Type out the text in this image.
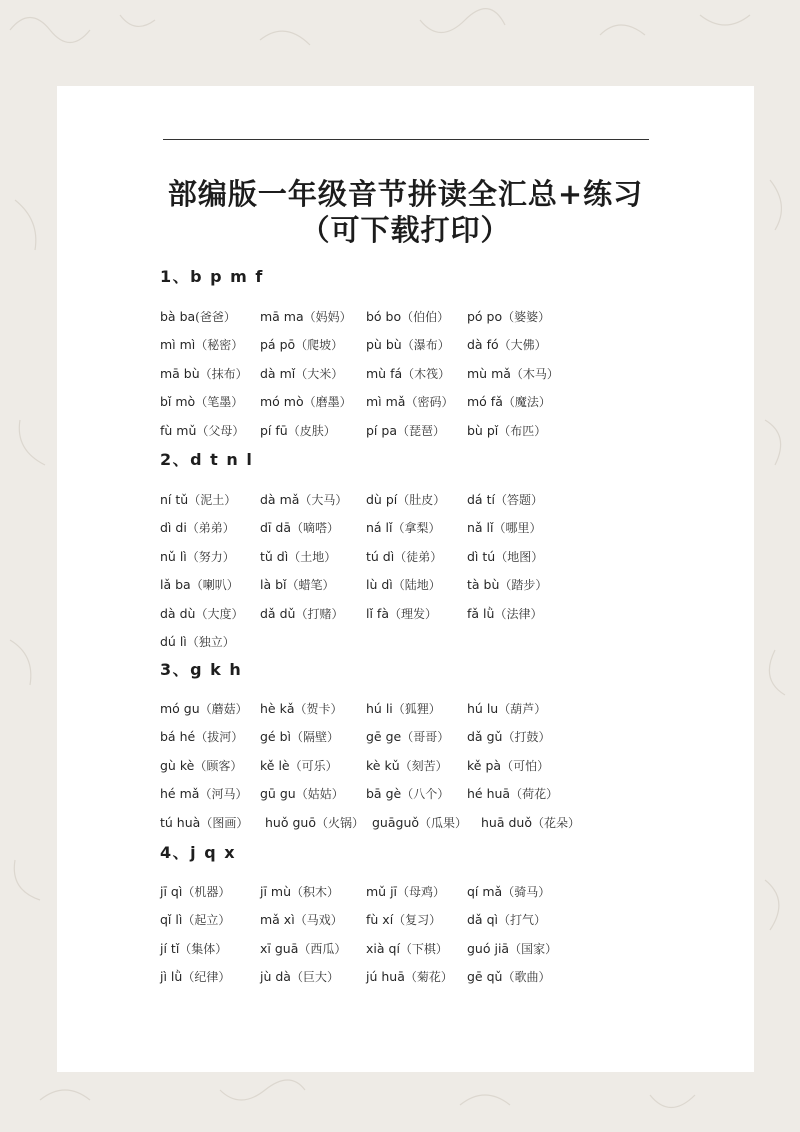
部编版一年级音节拼读全汇总+练习
（可下载打印）
1、b p m f
bà ba(爸爸） mā ma（妈妈） bó bo（伯伯） pó po（婆婆）
mì mì（秘密） pá pō（爬坡） pù bù（瀑布） dà fó（大佛）
mā bù（抹布） dà mǐ（大米） mù fá（木筏） mù mǎ（木马）
bǐ mò（笔墨） mó mò（磨墨） mì mǎ（密码） mó fǎ（魔法）
fù mǔ（父母） pí fū（皮肤） pí pa（琵琶） bù pǐ（布匹）
2、d t n l
ní tǔ（泥土） dà mǎ（大马） dù pí（肚皮） dá tí（答题）
dì di（弟弟） dī dā（嘀嗒） ná lǐ（拿梨） nǎ lǐ（哪里）
nǔ lì（努力） tǔ dì（土地） tú dì（徒弟） dì tú（地图）
lǎ ba（喇叭） là bǐ（蜡笔）	lù dì（陆地） tà bù（踏步）
dà dù（大度） dǎ dǔ（打赌） lǐ fà（理发） fǎ lǜ（法律）
dú lì（独立）
3、g k h
mó gu（蘑菇） hè kǎ（贺卡） hú li（狐狸） hú lu（葫芦）
bá hé（拔河） gé bì（隔壁） gē ge（哥哥） dǎ gǔ（打鼓）
gù kè（顾客） kě lè（可乐） kè kǔ（刻苦） kě pà（可怕）
hé mǎ（河马） gū gu（姑姑） bā gè（八个） hé huā（荷花）
tú huà（图画） huǒ guō（火锅） guāguǒ（瓜果） huā duǒ（花朵）
4、j q x
jī qì（机器） jī mù（积木） mǔ jī（母鸡） qí mǎ（骑马）
qǐ lì（起立） mǎ xì（马戏） fù xí（复习） dǎ qì（打气）
jí tǐ（集体）	xī guā（西瓜） xià qí（下棋） guó jiā（国家）
jì lǜ（纪律） jù dà（巨大） jú huā（菊花） gē qǔ（歌曲）
